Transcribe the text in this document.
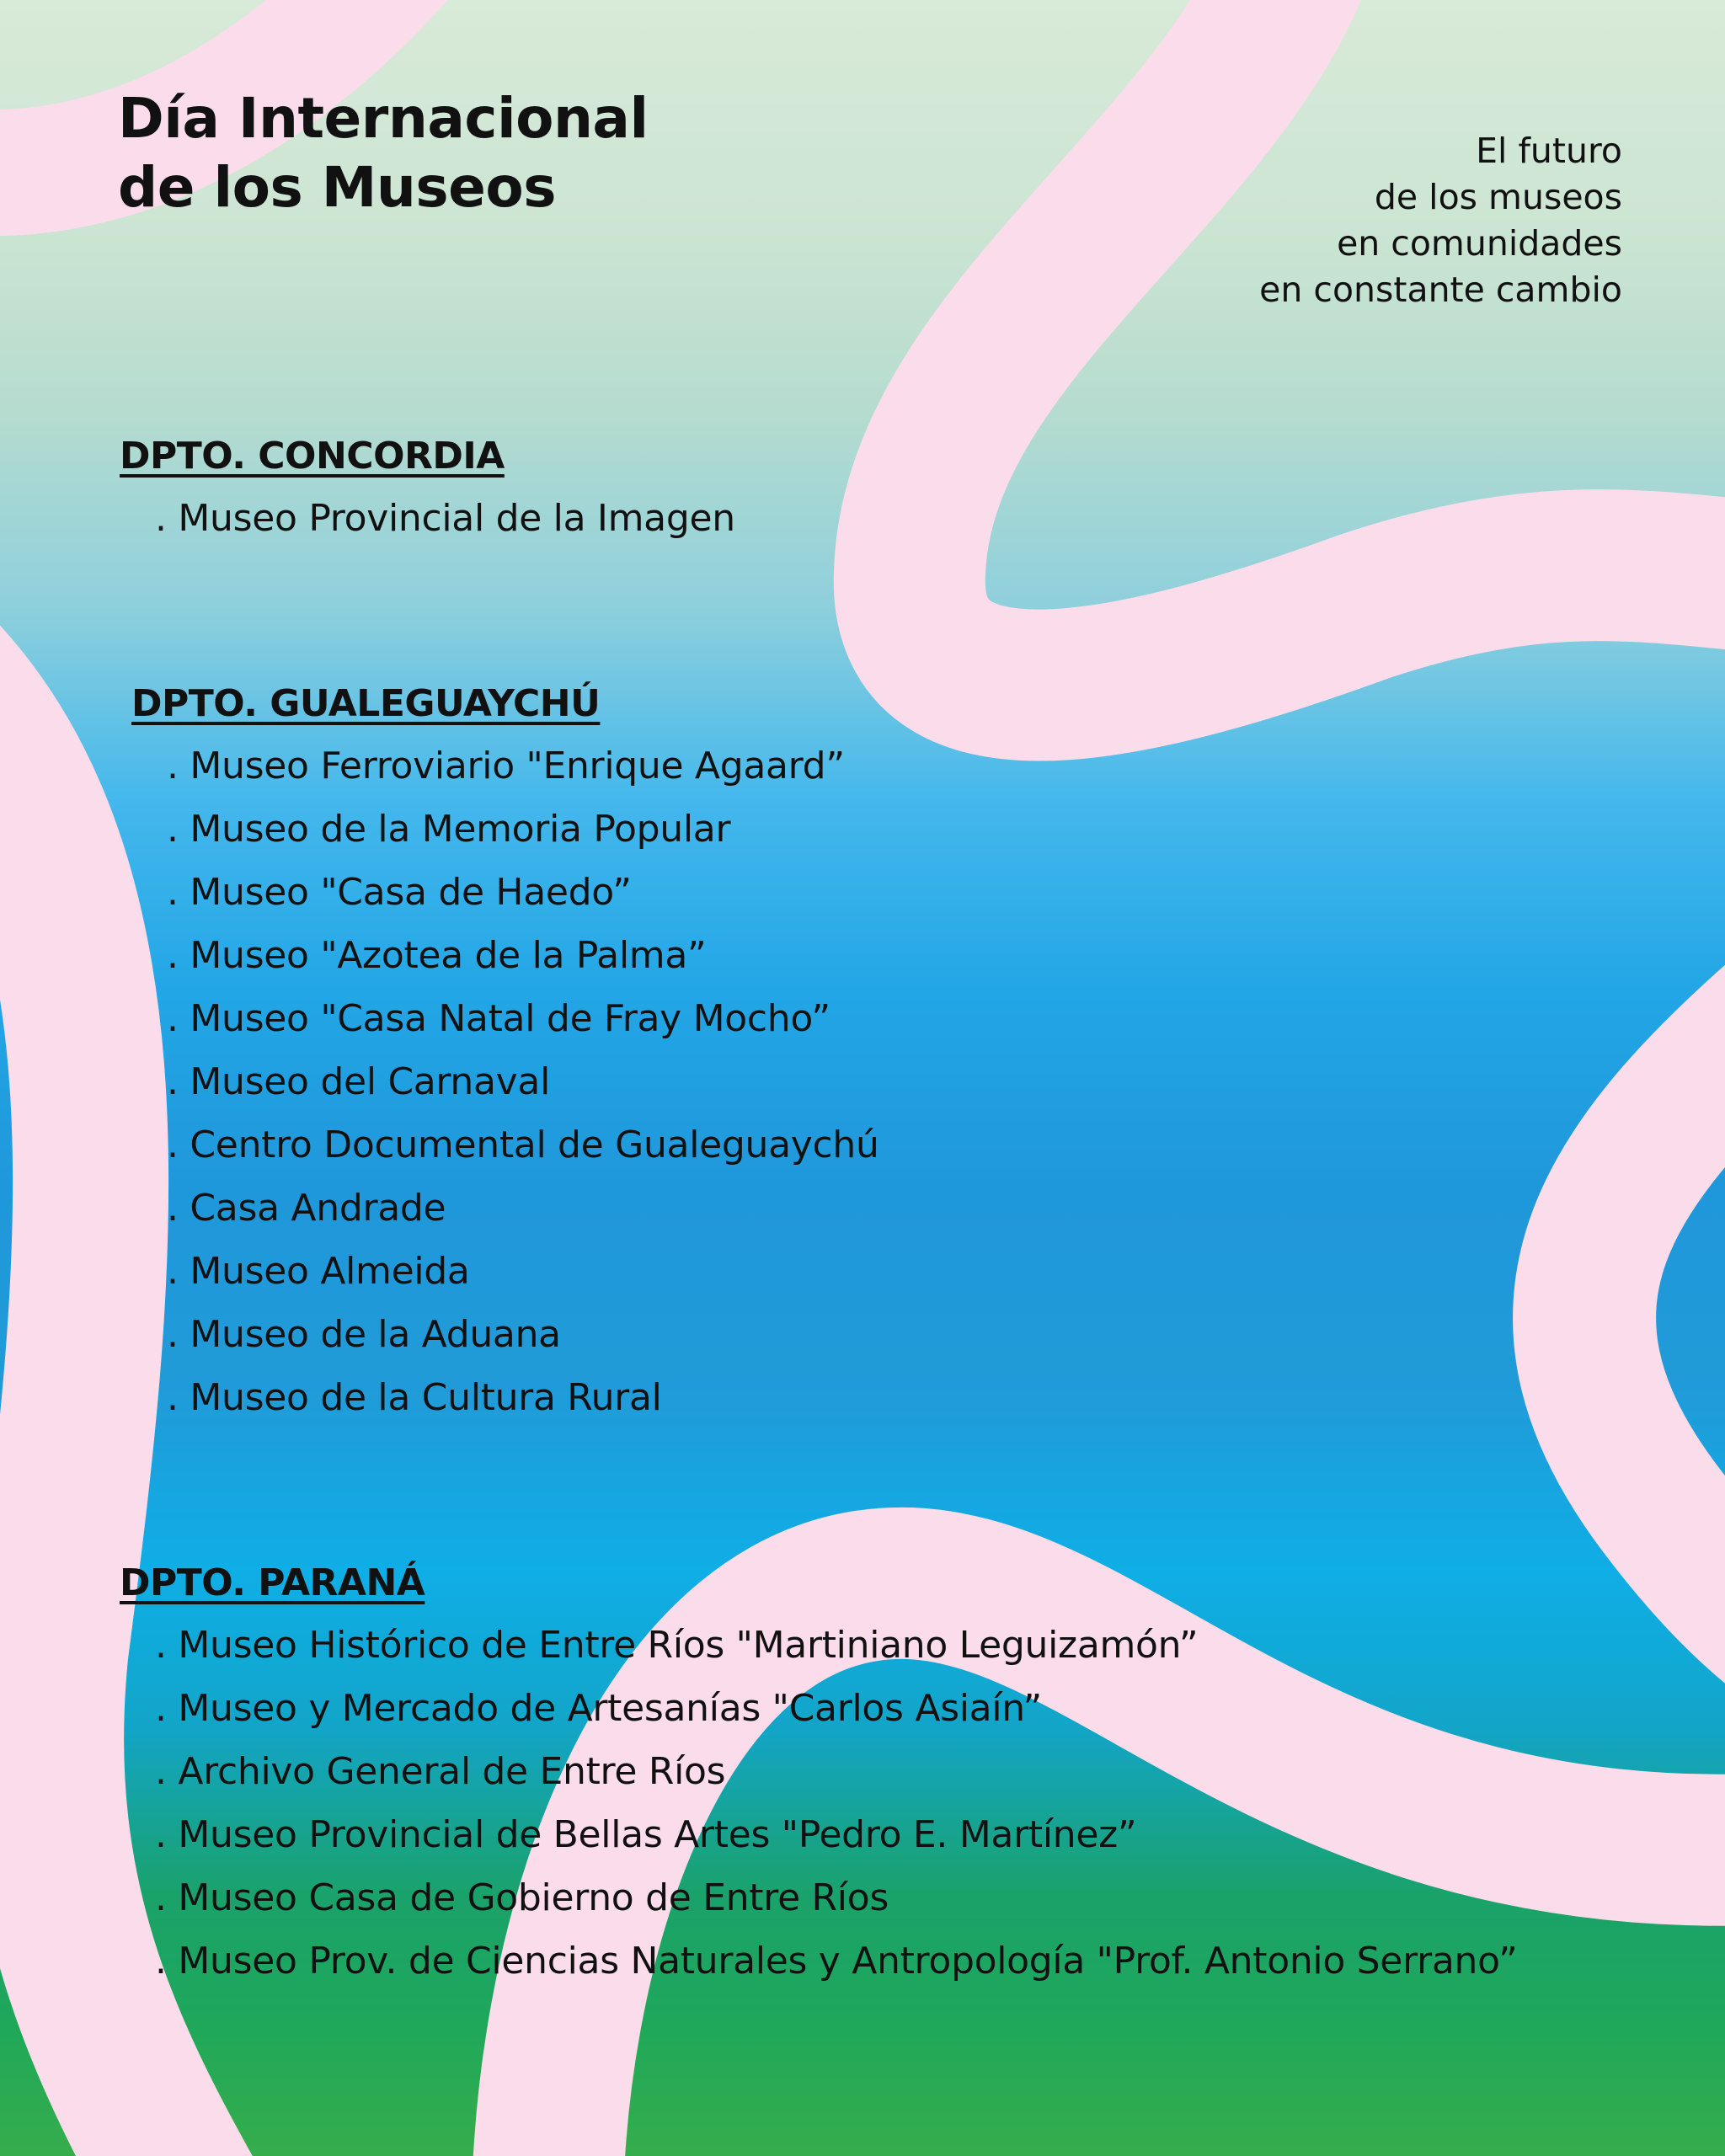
Día Internacional
de los Museos
El futuro
de los museos
en comunidades
en constante cambio
DPTO. CONCORDIA
. Museo Provincial de la Imagen
DPTO. GUALEGUAYCHÚ
. Museo Ferroviario "Enrique Agaard”
. Museo de la Memoria Popular
. Museo "Casa de Haedo”
. Museo "Azotea de la Palma”
. Museo "Casa Natal de Fray Mocho”
. Museo del Carnaval
. Centro Documental de Gualeguaychú
. Casa Andrade
. Museo Almeida
. Museo de la Aduana
. Museo de la Cultura Rural
DPTO. PARANÁ
. Museo Histórico de Entre Ríos "Martiniano Leguizamón”
. Museo y Mercado de Artesanías "Carlos Asiaín”
. Archivo General de Entre Ríos
. Museo Provincial de Bellas Artes "Pedro E. Martínez”
. Museo Casa de Gobierno de Entre Ríos
. Museo Prov. de Ciencias Naturales y Antropología "Prof. Antonio Serrano”
